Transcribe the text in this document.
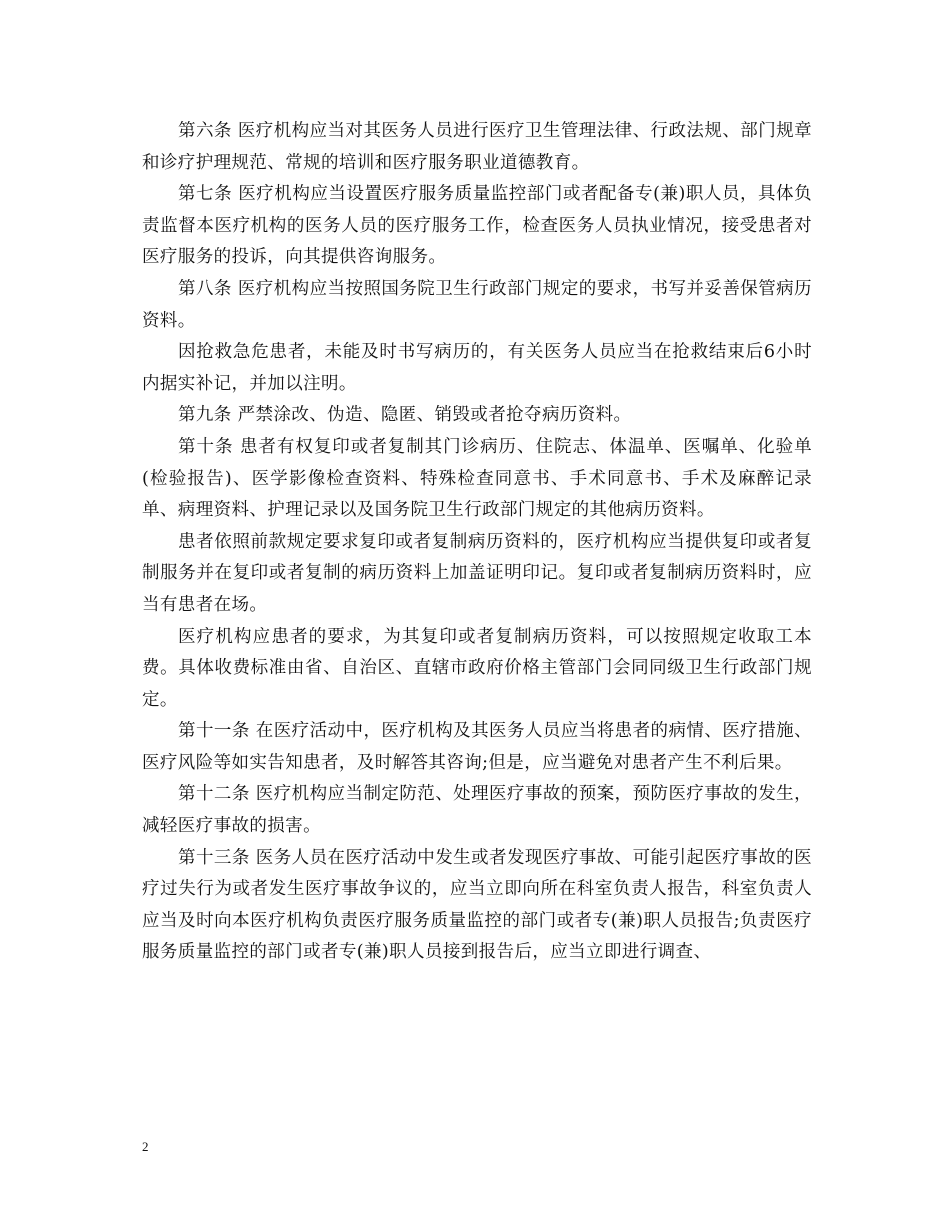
第六条 医疗机构应当对其医务人员进行医疗卫生管理法律、行政法规、部门规章和诊疗护理规范、常规的培训和医疗服务职业道德教育。

第七条 医疗机构应当设置医疗服务质量监控部门或者配备专(兼)职人员，具体负责监督本医疗机构的医务人员的医疗服务工作，检查医务人员执业情况，接受患者对医疗服务的投诉，向其提供咨询服务。

第八条 医疗机构应当按照国务院卫生行政部门规定的要求，书写并妥善保管病历资料。

因抢救急危患者，未能及时书写病历的，有关医务人员应当在抢救结束后6小时内据实补记，并加以注明。

第九条 严禁涂改、伪造、隐匿、销毁或者抢夺病历资料。

第十条 患者有权复印或者复制其门诊病历、住院志、体温单、医嘱单、化验单(检验报告)、医学影像检查资料、特殊检查同意书、手术同意书、手术及麻醉记录单、病理资料、护理记录以及国务院卫生行政部门规定的其他病历资料。

患者依照前款规定要求复印或者复制病历资料的，医疗机构应当提供复印或者复制服务并在复印或者复制的病历资料上加盖证明印记。复印或者复制病历资料时，应当有患者在场。

医疗机构应患者的要求，为其复印或者复制病历资料，可以按照规定收取工本费。具体收费标准由省、自治区、直辖市政府价格主管部门会同同级卫生行政部门规定。

第十一条 在医疗活动中，医疗机构及其医务人员应当将患者的病情、医疗措施、医疗风险等如实告知患者，及时解答其咨询;但是，应当避免对患者产生不利后果。

第十二条 医疗机构应当制定防范、处理医疗事故的预案，预防医疗事故的发生，减轻医疗事故的损害。

第十三条 医务人员在医疗活动中发生或者发现医疗事故、可能引起医疗事故的医疗过失行为或者发生医疗事故争议的，应当立即向所在科室负责人报告，科室负责人应当及时向本医疗机构负责医疗服务质量监控的部门或者专(兼)职人员报告;负责医疗服务质量监控的部门或者专(兼)职人员接到报告后，应当立即进行调查、

2
